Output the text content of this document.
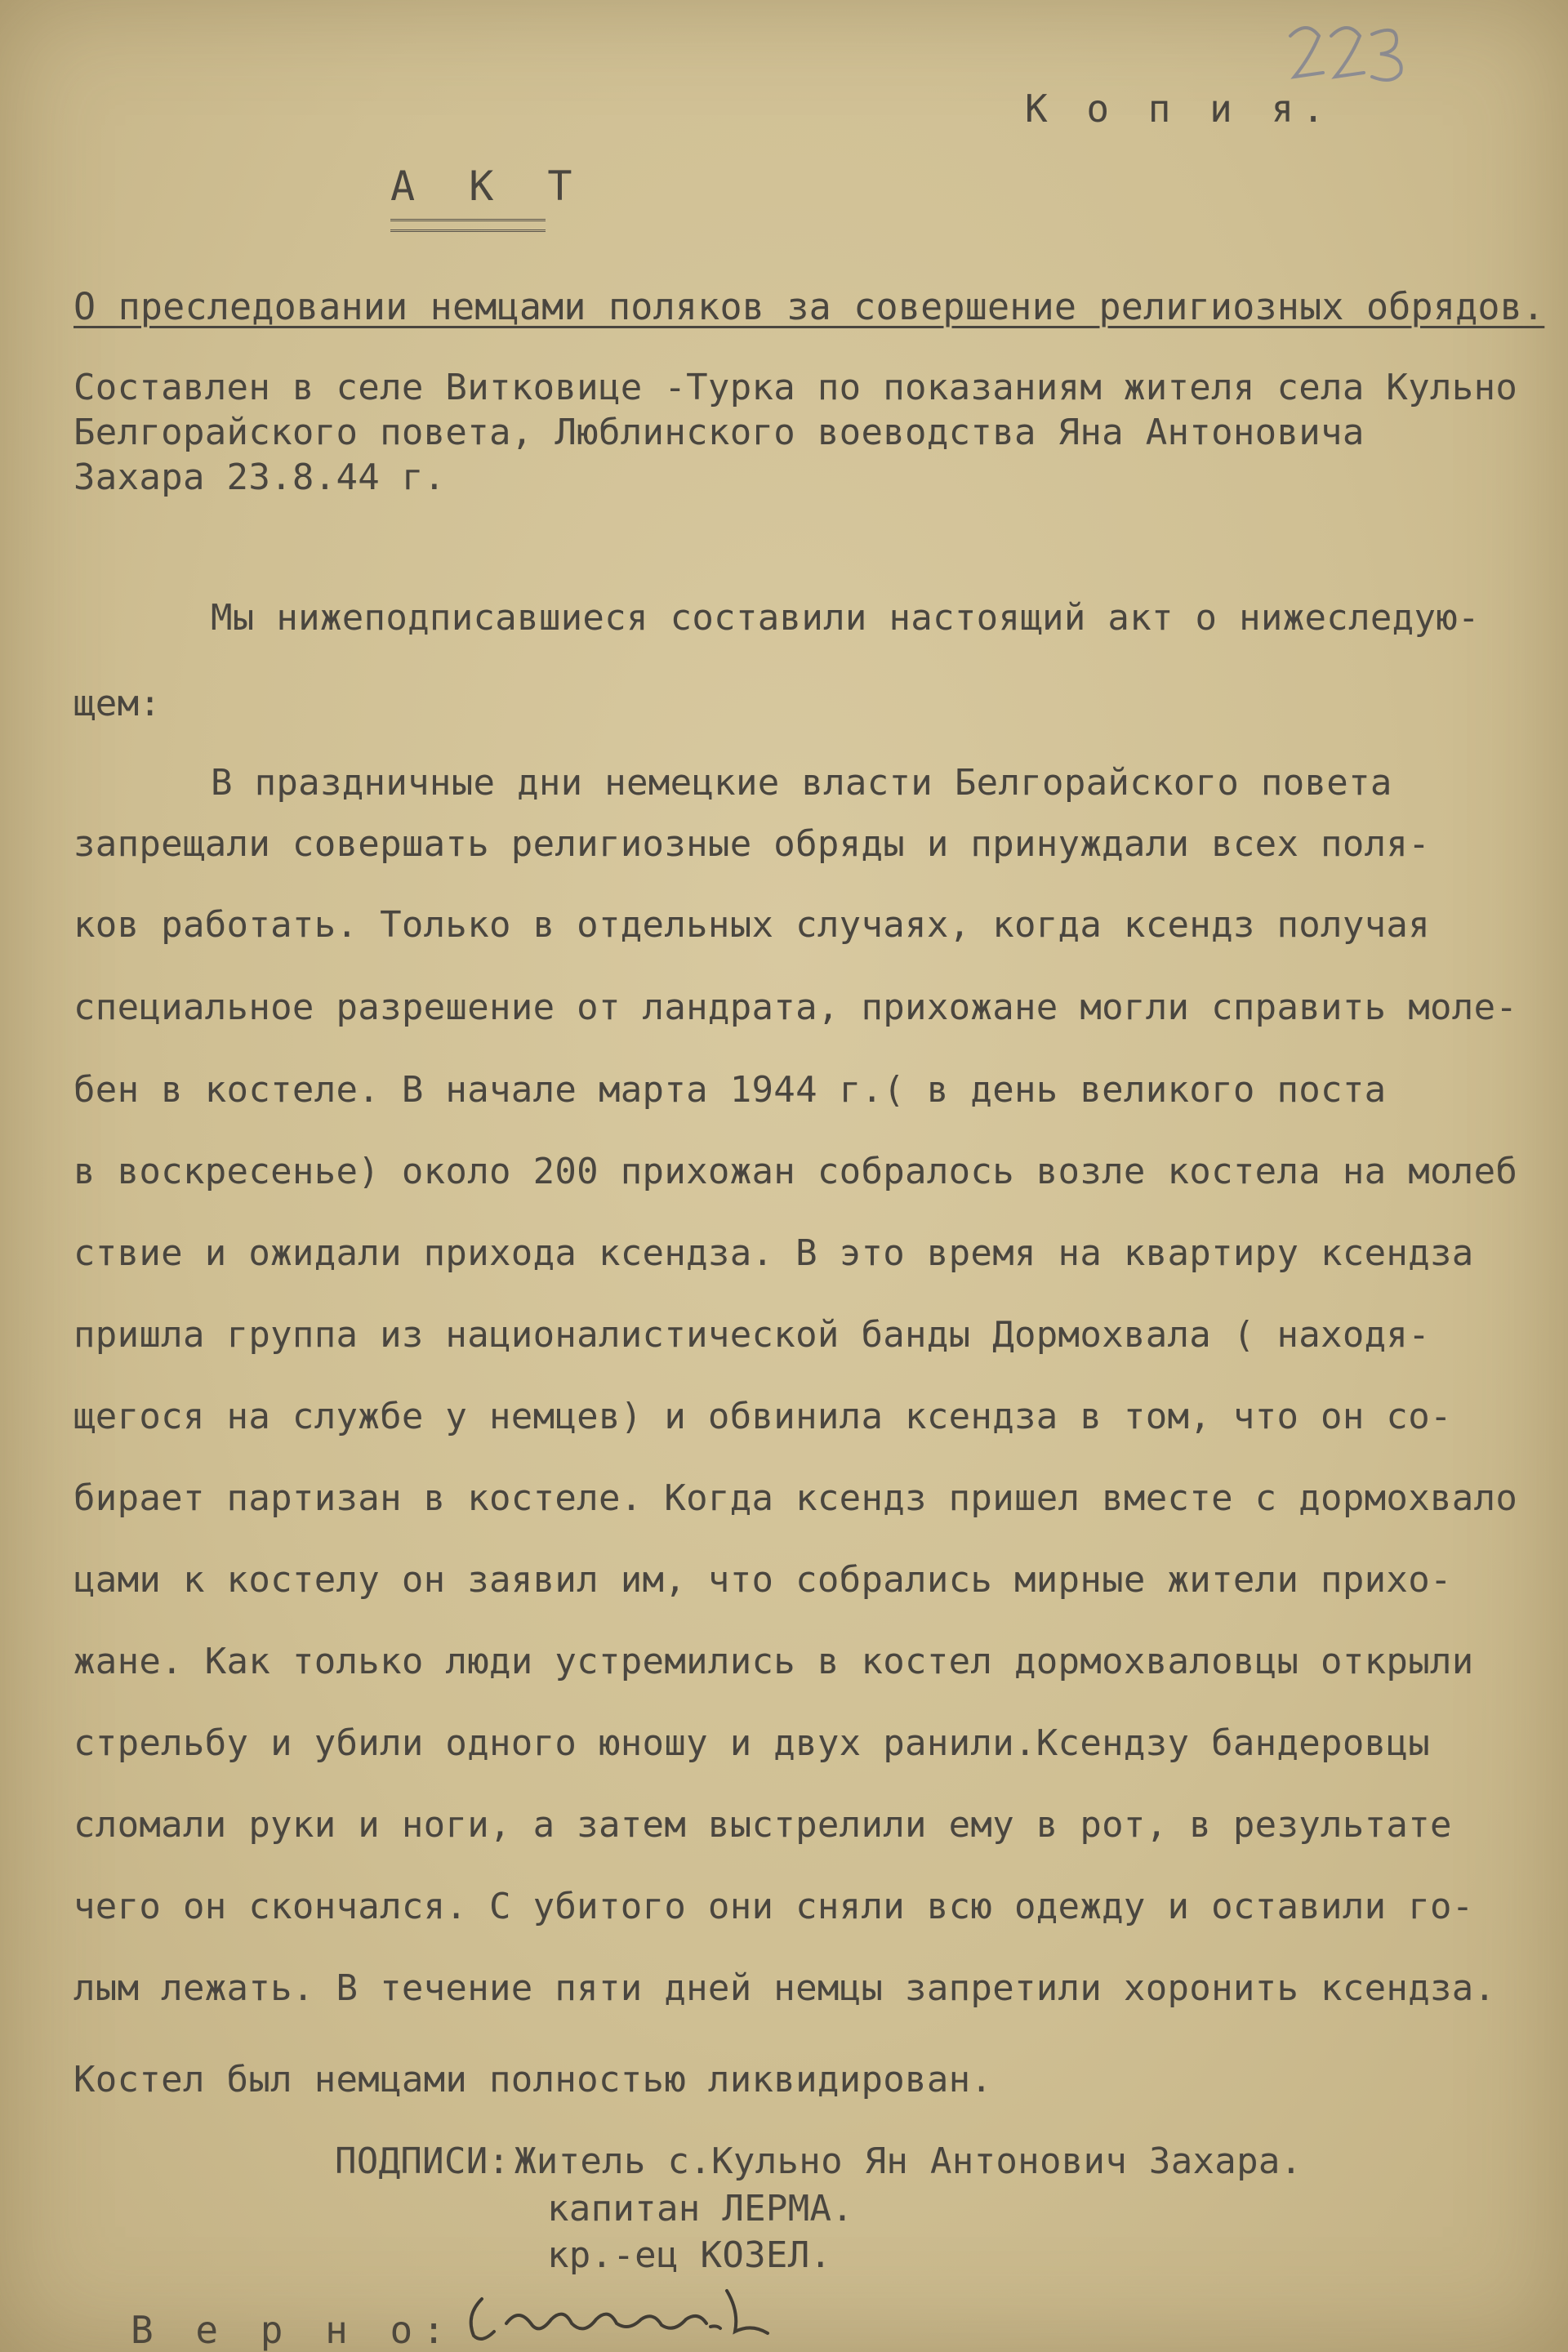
К о п и я.
А К Т
О преследовании немцами поляков за совершение религиозных обрядов.
Составлен в селе Витковице -Турка по показаниям жителя села Кульно
Белгорайского повета, Люблинского воеводства Яна Антоновича
Захара 23.8.44 г.
Мы нижеподписавшиеся составили настоящий акт о нижеследую-
щем:
В праздничные дни немецкие власти Белгорайского повета
запрещали совершать религиозные обряды и принуждали всех поля-
ков работать. Только в отдельных случаях, когда ксендз получая
специальное разрешение от ландрата, прихожане могли справить моле-
бен в костеле. В начале марта 1944 г.( в день великого поста
в воскресенье) около 200 прихожан собралось возле костела на молеб
ствие и ожидали прихода ксендза. В это время на квартиру ксендза
пришла группа из националистической банды Дормохвала ( находя-
щегося на службе у немцев) и обвинила ксендза в том, что он со-
бирает партизан в костеле. Когда ксендз пришел вместе с дормохвало
цами к костелу он заявил им, что собрались мирные жители прихо-
жане. Как только люди устремились в костел дормохваловцы открыли
стрельбу и убили одного юношу и двух ранили.Ксендзу бандеровцы
сломали руки и ноги, а затем выстрелили ему в рот, в результате
чего он скончался. С убитого они сняли всю одежду и оставили го-
лым лежать. В течение пяти дней немцы запретили хоронить ксендза.
Костел был немцами полностью ликвидирован.
ПОДПИСИ: Житель с.Кульно Ян Антонович Захара.
капитан ЛЕРМА.
кр.-ец КОЗЕЛ.
В е р н о:
